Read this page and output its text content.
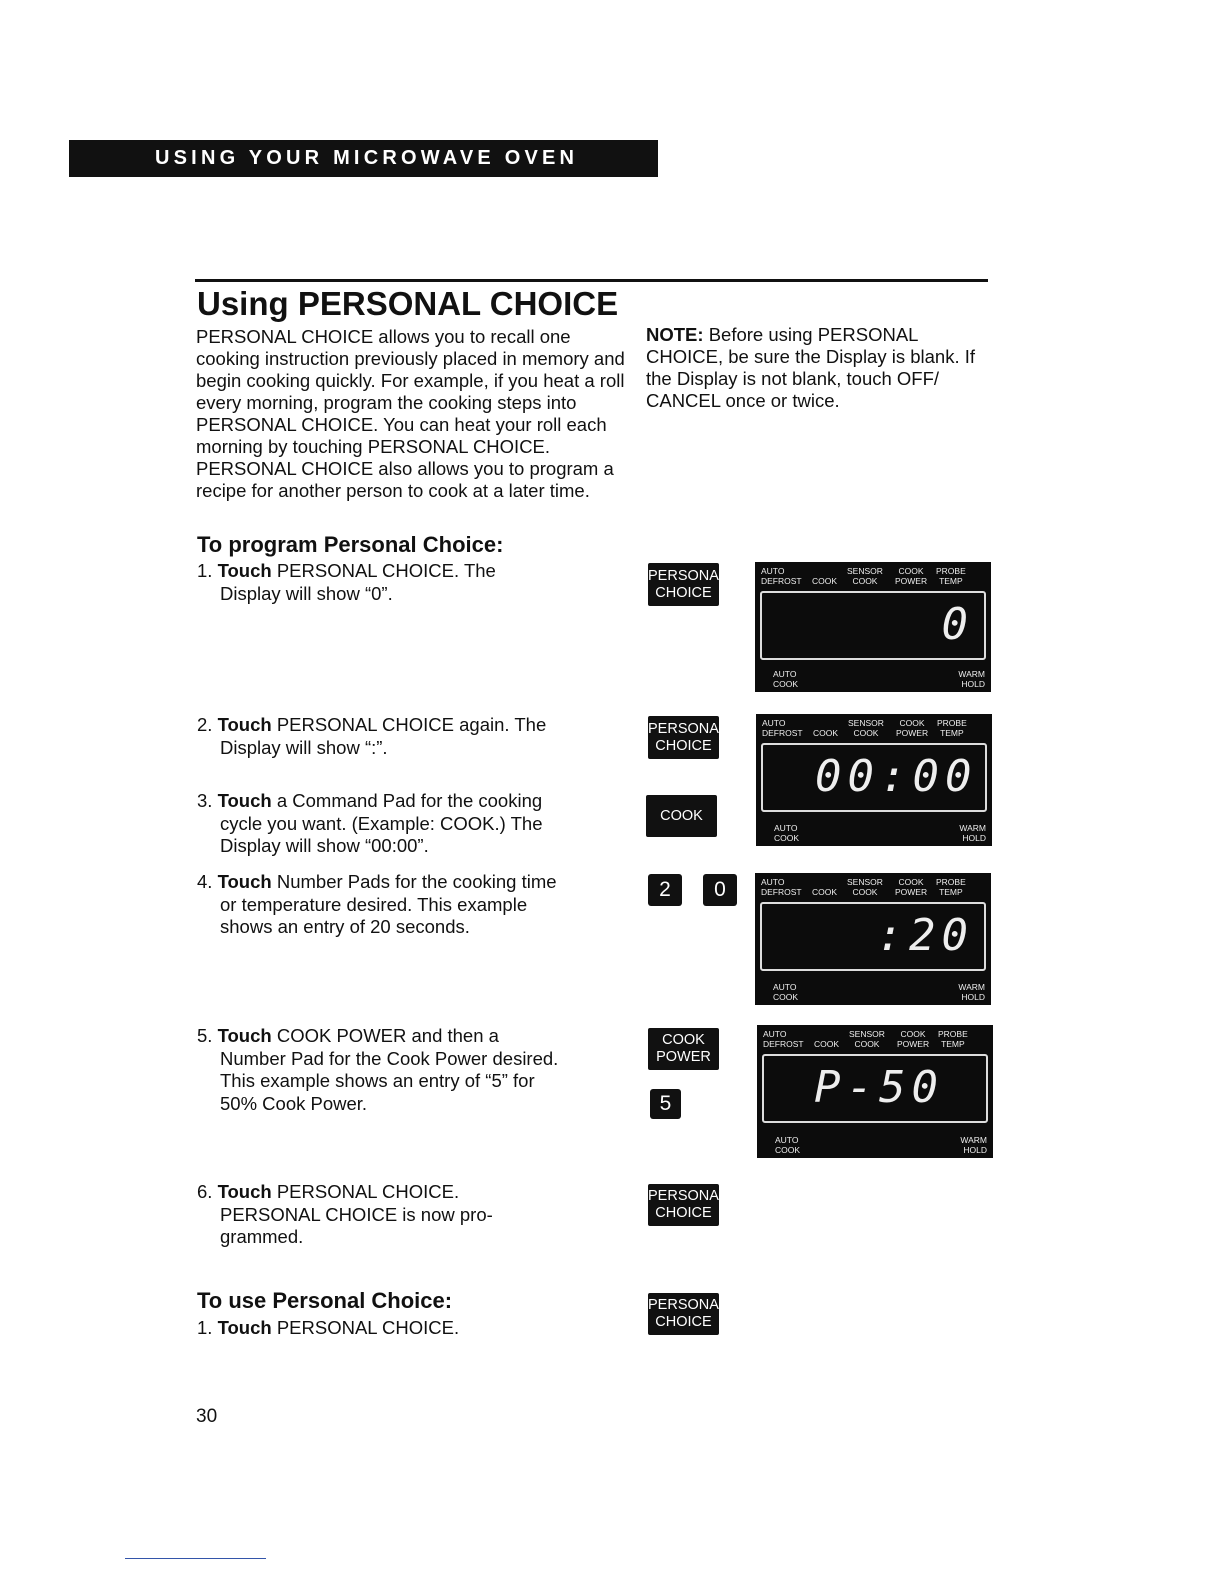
USING YOUR MICROWAVE OVEN
Using PERSONAL CHOICE
PERSONAL CHOICE allows you to recall one cooking instruction previously placed in memory and begin cooking quickly. For example, if you heat a roll every morning, program the cooking steps into PERSONAL CHOICE. You can heat your roll each morning by touching PERSONAL CHOICE. PERSONAL CHOICE also allows you to program a recipe for another person to cook at a later time.
NOTE: Before using PERSONAL CHOICE, be sure the Display is blank. If the Display is not blank, touch OFF/ CANCEL once or twice.
To program Personal Choice:
1. Touch PERSONAL CHOICE. The
Display will show “0”.
2. Touch PERSONAL CHOICE again. The
Display will show “:”.
3. Touch a Command Pad for the cooking
cycle you want. (Example: COOK.) The
Display will show “00:00”.
4. Touch Number Pads for the cooking time
or temperature desired. This example
shows an entry of 20 seconds.
5. Touch COOK POWER and then a
Number Pad for the Cook Power desired.
This example shows an entry of “5” for
50% Cook Power.
6. Touch PERSONAL CHOICE.
PERSONAL CHOICE is now pro-
grammed.
To use Personal Choice:
1. Touch PERSONAL CHOICE.
PERSONAL
CHOICE
PERSONAL
CHOICE
COOK
2 0
COOK
POWER
5
PERSONAL
CHOICE
PERSONAL
CHOICE
AUTO
DEFROST COOK
SENSOR
COOK
COOK
POWER
PROBE
TEMP
0
AUTO
COOK
WARM
HOLD
AUTO
DEFROST COOK
SENSOR
COOK
COOK
POWER
PROBE
TEMP
00:00
AUTO
COOK
WARM
HOLD
AUTO
DEFROST COOK
SENSOR
COOK
COOK
POWER
PROBE
TEMP
:20
AUTO
COOK
WARM
HOLD
AUTO
DEFROST COOK
SENSOR
COOK
COOK
POWER
PROBE
TEMP
P-50
AUTO
COOK
WARM
HOLD
30
